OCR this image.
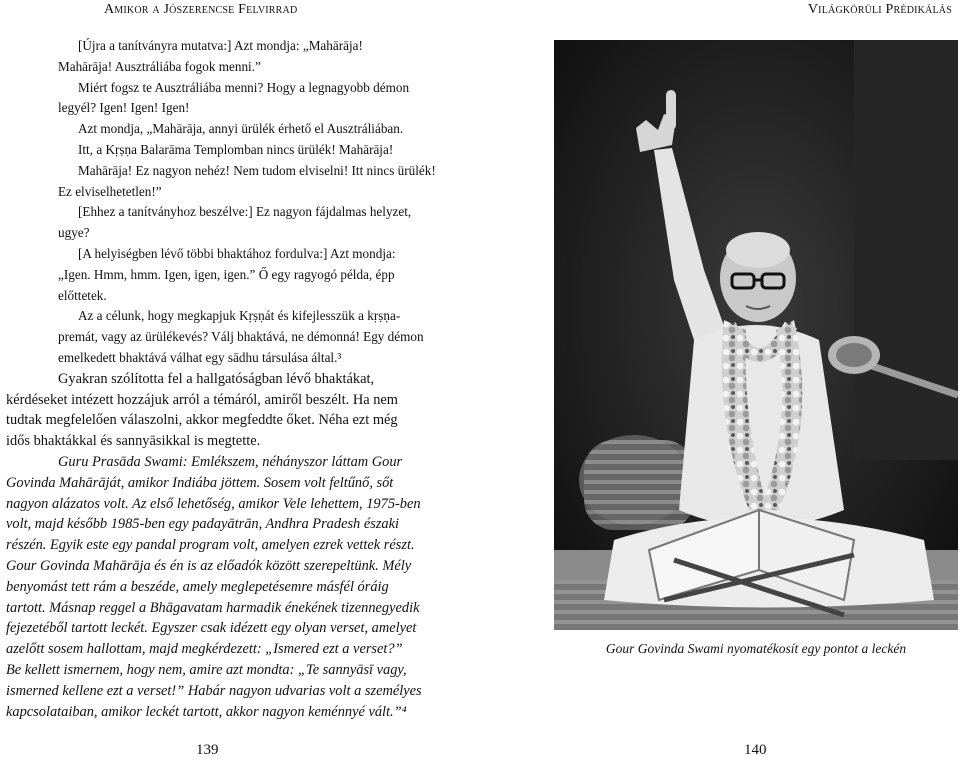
Amikor a Jószerencse Felvirrad
[Újra a tanítványra mutatva:] Azt mondja: „Mahārāja!
Mahārāja! Ausztráliába fogok menni.”
Miért fogsz te Ausztráliába menni? Hogy a legnagyobb démon
legyél? Igen! Igen! Igen!
Azt mondja, „Mahārāja, annyi ürülék érhető el Ausztráliában.
Itt, a Kṛṣṇa Balarāma Templomban nincs ürülék! Mahārāja!
Mahārāja! Ez nagyon nehéz! Nem tudom elviselni! Itt nincs ürülék!
Ez elviselhetetlen!”
[Ehhez a tanítványhoz beszélve:] Ez nagyon fájdalmas helyzet,
ugye?
[A helyiségben lévő többi bhaktához fordulva:] Azt mondja:
„Igen. Hmm, hmm. Igen, igen, igen.” Ő egy ragyogó példa, épp
előttetek.
Az a célunk, hogy megkapjuk Kṛṣṇát és kifejlesszük a kṛṣṇa-
premát, vagy az ürülékevés? Válj bhaktává, ne démonná! Egy démon
emelkedett bhaktává válhat egy sādhu társulása által.³
Gyakran szólította fel a hallgatóságban lévő bhaktákat,
kérdéseket intézett hozzájuk arról a témáról, amiről beszélt. Ha nem
tudtak megfelelően válaszolni, akkor megfeddte őket. Néha ezt még
idős bhaktákkal és sannyāsikkal is megtette.
Guru Prasāda Swami: Emlékszem, néhányszor láttam Gour
Govinda Mahārāját, amikor Indiába jöttem. Sosem volt feltűnő, sőt
nagyon alázatos volt. Az első lehetőség, amikor Vele lehettem, 1975-ben
volt, majd később 1985-ben egy padayātrān, Andhra Pradesh északi
részén. Egyik este egy pandal program volt, amelyen ezrek vettek részt.
Gour Govinda Mahārāja és én is az előadók között szerepeltünk. Mély
benyomást tett rám a beszéde, amely meglepetésemre másfél óráig
tartott. Másnap reggel a Bhāgavatam harmadik énekének tizennegyedik
fejezetéből tartott leckét. Egyszer csak idézett egy olyan verset, amelyet
azelőtt sosem hallottam, majd megkérdezett: „Ismered ezt a verset?”
Be kellett ismernem, hogy nem, amire azt mondta: „Te sannyāsī vagy,
ismerned kellene ezt a verset!” Habár nagyon udvarias volt a személyes
kapcsolataiban, amikor leckét tartott, akkor nagyon keménnyé vált.”⁴
139
Világkörüli Prédikálás
Gour Govinda Swami nyomatékosít egy pontot a leckén
140
